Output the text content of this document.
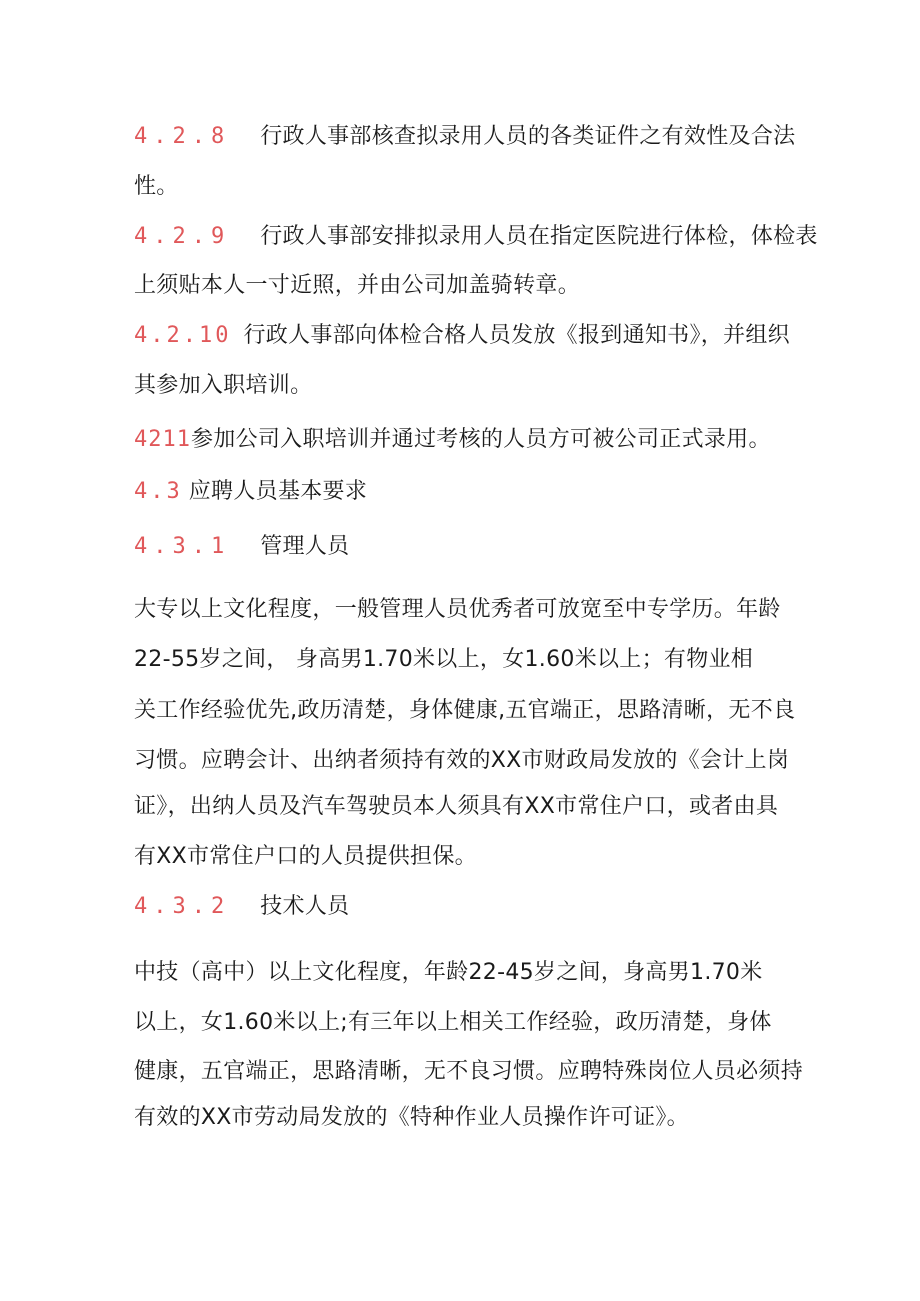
4.2.8 行政人事部核查拟录用人员的各类证件之有效性及合法

性。

4.2.9 行政人事部安排拟录用人员在指定医院进行体检，体检表

上须贴本人一寸近照，并由公司加盖骑转章。

4.2.10 行政人事部向体检合格人员发放《报到通知书》，并组织

其参加入职培训。

4211参加公司入职培训并通过考核的人员方可被公司正式录用。

4.3 应聘人员基本要求

4.3.1 管理人员

大专以上文化程度，一般管理人员优秀者可放宽至中专学历。年龄

22-55岁之间， 身高男1.70米以上，女1.60米以上；有物业相

关工作经验优先,政历清楚，身体健康,五官端正，思路清晰，无不良

习惯。应聘会计、出纳者须持有效的XX市财政局发放的《会计上岗

证》，出纳人员及汽车驾驶员本人须具有XX市常住户口，或者由具

有XX市常住户口的人员提供担保。

4.3.2 技术人员

中技（高中）以上文化程度，年龄22-45岁之间，身高男1.70米

以上，女1.60米以上;有三年以上相关工作经验，政历清楚，身体

健康，五官端正，思路清晰，无不良习惯。应聘特殊岗位人员必须持

有效的XX市劳动局发放的《特种作业人员操作许可证》。
